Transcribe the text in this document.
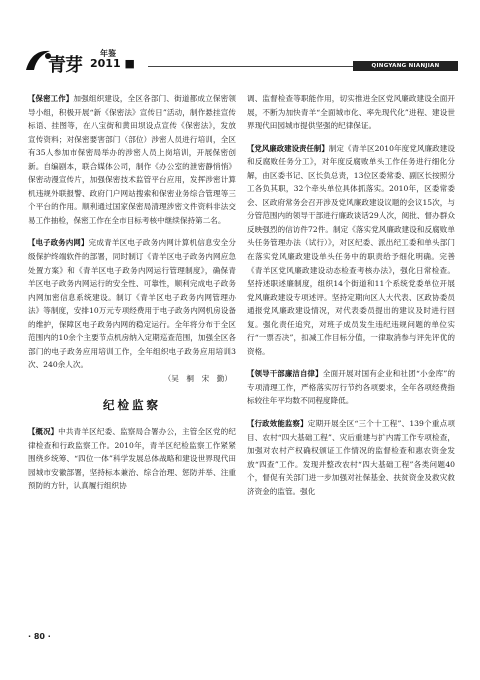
青芽
年鉴
2011 ■	QINGYANG NIANJIAN

【保密工作】加强组织建设，全区各部门、街道都成立保密领导小组，积极开展“新《保密法》宣传日”活动，制作悬挂宣传标语、挂图等，在八宝街和黄田坝设点宣传《保密法》，发放宣传资料；对保密要害部门（部位）涉密人员进行培训，全区有35人参加市保密局举办的涉密人员上岗培训，开展保密创新。自编剧本，联合媒体公司，制作《办公室的泄密静悄悄》保密动漫宣传片，加强保密技术监管平台应用，发挥涉密计算机违规外联报警、政府门户网站搜索和保密业务综合管理等三个平台的作用。顺利通过国家保密局清理涉密文件资料非法交易工作抽检，保密工作在全市目标考核中继续保持第二名。

【电子政务内网】完成青羊区电子政务内网计算机信息安全分级保护终端软件的部署，同时制订《青羊区电子政务内网应急处置方案》和《青羊区电子政务内网运行管理制度》，确保青羊区电子政务内网运行的安全性、可靠性，顺利完成电子政务内网加密信息系统建设。制订《青羊区电子政务内网管理办法》等制度，安排10万元专项经费用于电子政务内网机房设备的维护，保障区电子政务内网的稳定运行。全年将分布于全区范围内的10余个主要节点机房纳入定期巡查范围，加强全区各部门的电子政务应用培训工作，全年组织电子政务应用培训3次、240余人次。

（吴　桐　宋　勤）

纪检监察

【概况】中共青羊区纪委、监察局合署办公，主管全区党的纪律检查和行政监察工作。2010年，青羊区纪检监察工作紧紧围绕乡统筹、“四位一体”科学发展总体战略和建设世界现代田园城市安徽部署，坚持标本兼治、综合治理、惩防并举、注重预防的方针，认真履行组织协

调、监督检查等职能作用，切实推进全区党风廉政建设全面开展，不断为加快青羊“全面城市化、率先现代化”进程、建设世界现代田园城市提供坚强的纪律保证。

【党风廉政建设责任制】制定《青羊区2010年度党风廉政建设和反腐败任务分工》，对年度反腐败单头工作任务进行细化分解，由区委书记、区长负总责，13位区委常委、副区长按照分工各负其职，32个牵头单位具体抓落实。2010年，区委常委会、区政府常务会召开涉及党风廉政建设议题的会议15次，与分管范围内的领导干部进行廉政谈话29人次，阅批、督办群众反映强烈的信访件72件。制定《落实党风廉政建设和反腐败单头任务管理办法（试行）》，对区纪委、派出纪工委和单头部门在落实党风廉政建设单头任务中的职责给予细化明确。完善《青羊区党风廉政建设动态检查考核办法》，强化日常检查。坚持述职述廉制度，组织14个街道和11个系统党委单位开展党风廉政建设专项述评。坚持定期向区人大代表、区政协委员通报党风廉政建设情况，对代表委员提出的建议及时进行回复。强化责任追究，对班子成员发生违纪违规问题的单位实行“一票否决”，扣减工作目标分值，一律取消参与评先评优的资格。

【领导干部廉洁自律】全面开展对国有企业和社团“小金库”的专项清理工作，严格落实厉行节约各项要求，全年各项经费指标较往年平均数不同程度降低。

【行政效能监察】定期开展全区“三个十工程”、139个重点项目、农村“四大基础工程”、灾后重建与扩内需工作专项检查，加强对农村产权确权颁证工作情况的监督检查和惠农资金发放“四查”工作。发现并整改农村“四大基础工程”各类问题40个，督促有关部门进一步加强对社保基金、扶贫资金及救灾救济资金的监管。强化

· 80 ·
